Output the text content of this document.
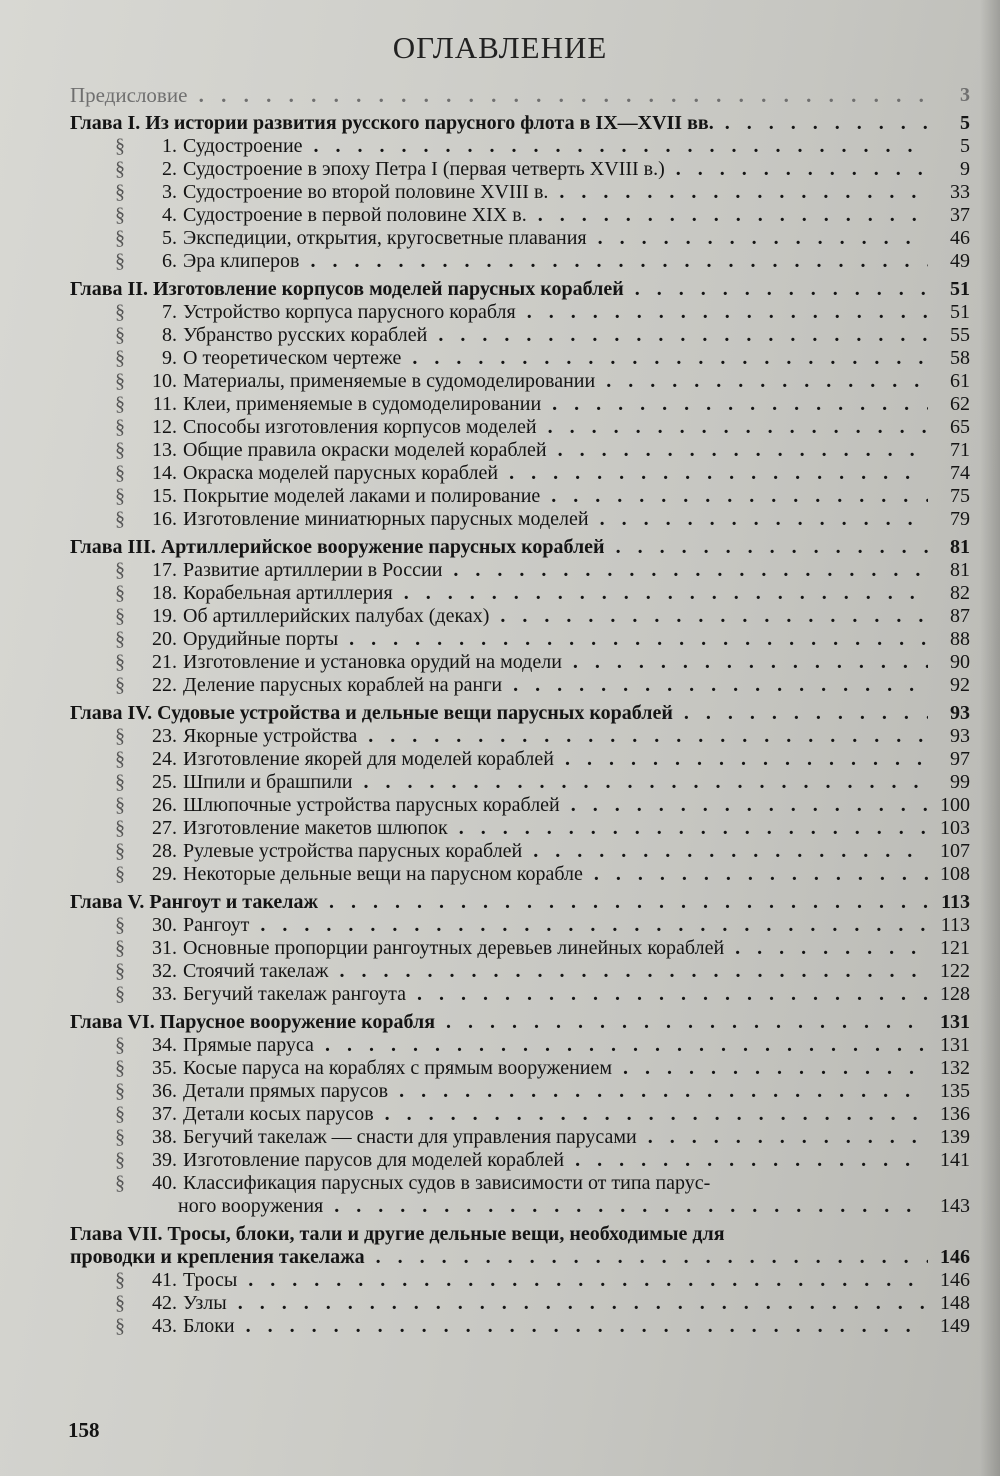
ОГЛАВЛЕНИЕ
Предисловие . . .	3
Глава I. Из истории развития русского парусного флота в IX—XVII вв. . . .	5
§ 1. Судостроение . . .	5
§ 2. Судостроение в эпоху Петра I (первая четверть XVIII в.) . . .	9
§ 3. Судостроение во второй половине XVIII в. . . .	33
§ 4. Судостроение в первой половине XIX в. . . .	37
§ 5. Экспедиции, открытия, кругосветные плавания . . .	46
§ 6. Эра клиперов . . .	49
Глава II. Изготовление корпусов моделей парусных кораблей . . .	51
§ 7. Устройство корпуса парусного корабля . . .	51
§ 8. Убранство русских кораблей . . .	55
§ 9. О теоретическом чертеже . . .	58
§ 10. Материалы, применяемые в судомоделировании . . .	61
§ 11. Клеи, применяемые в судомоделировании . . .	62
§ 12. Способы изготовления корпусов моделей . . .	65
§ 13. Общие правила окраски моделей кораблей . . .	71
§ 14. Окраска моделей парусных кораблей . . .	74
§ 15. Покрытие моделей лаками и полирование . . .	75
§ 16. Изготовление миниатюрных парусных моделей . . .	79
Глава III. Артиллерийское вооружение парусных кораблей . . .	81
§ 17. Развитие артиллерии в России . . .	81
§ 18. Корабельная артиллерия . . .	82
§ 19. Об артиллерийских палубах (деках) . . .	87
§ 20. Орудийные порты . . .	88
§ 21. Изготовление и установка орудий на модели . . .	90
§ 22. Деление парусных кораблей на ранги . . .	92
Глава IV. Судовые устройства и дельные вещи парусных кораблей . . .	93
§ 23. Якорные устройства . . .	93
§ 24. Изготовление якорей для моделей кораблей . . .	97
§ 25. Шпили и брашпили . . .	99
§ 26. Шлюпочные устройства парусных кораблей . . .	100
§ 27. Изготовление макетов шлюпок . . .	103
§ 28. Рулевые устройства парусных кораблей . . .	107
§ 29. Некоторые дельные вещи на парусном корабле . . .	108
Глава V. Рангоут и такелаж . . .	113
§ 30. Рангоут . . .	113
§ 31. Основные пропорции рангоутных деревьев линейных кораблей . . .	121
§ 32. Стоячий такелаж . . .	122
§ 33. Бегучий такелаж рангоута . . .	128
Глава VI. Парусное вооружение корабля . . .	131
§ 34. Прямые паруса . . .	131
§ 35. Косые паруса на кораблях с прямым вооружением . . .	132
§ 36. Детали прямых парусов . . .	135
§ 37. Детали косых парусов . . .	136
§ 38. Бегучий такелаж — снасти для управления парусами . . .	139
§ 39. Изготовление парусов для моделей кораблей . . .	141
§ 40. Классификация парусных судов в зависимости от типа парус-
ного вооружения . . .	143
Глава VII. Тросы, блоки, тали и другие дельные вещи, необходимые для
проводки и крепления такелажа . . .	146
§ 41. Тросы . . .	146
§ 42. Узлы . . .	148
§ 43. Блоки . . .	149
158
